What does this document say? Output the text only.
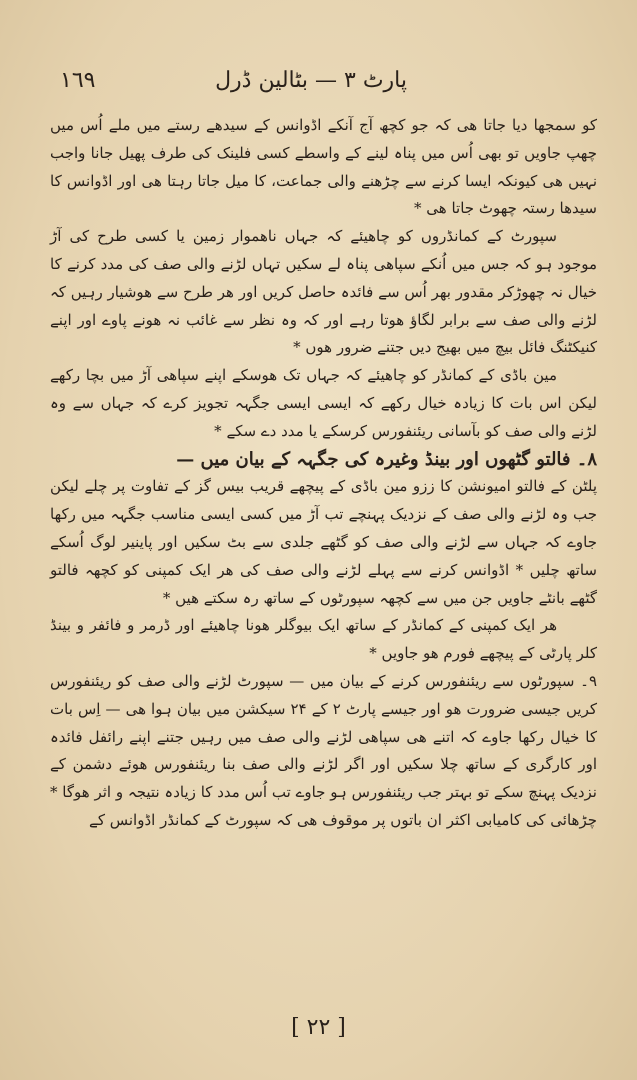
١٦٩	پارٹ ۳ — بٹالین ڈرل

کو سمجھا دیا جاتا ھی کہ جو کچھ آج آنکے اڈوانس کے سیدھے رستے میں ملے اُس میں چھپ جاویں تو بھی اُس میں پناہ لینے کے واسطے کسی فلینک کی طرف پھیل جانا واجب نہیں ھی کیونکہ ایسا کرنے سے چڑھنے والی جماعت، کا میل جاتا رہتا ھی اور اڈوانس کا سیدھا رستہ چھوٹ جاتا ھی *

سپورٹ کے کمانڈروں کو چاھیئے کہ جہاں ناھموار زمین یا کسی طرح کی آڑ موجود ہو کہ جس میں اُنکے سپاھی پناہ لے سکیں تہاں لڑنے والی صف کی مدد کرنے کا خیال نہ چھوڑکر مقدور بھر اُس سے فائدہ حاصل کریں اور ھر طرح سے ھوشیار رہیں کہ لڑنے والی صف سے برابر لگاؤ ھوتا رہے اور کہ وہ نظر سے غائب نہ ھونے پاوے اور اپنے کنیکٹنگ فائل بیچ میں بھیج دیں جتنے ضرور ھوں *

مین باڈی کے کمانڈر کو چاھیئے کہ جہاں تک ھوسکے اپنے سپاھی آڑ میں بچا رکھے لیکن اس بات کا زیادہ خیال رکھے کہ ایسی ایسی جگہہ تجویز کرے کہ جہاں سے وہ لڑنے والی صف کو بآسانی ریئنفورس کرسکے یا مدد دے سکے *

۸۔ فالتو گٹھوں اور بینڈ وغیرہ کی جگہہ کے بیان میں —

پلٹن کے فالتو امیونشن کا ززو مین باڈی کے پیچھے قریب بیس گز کے تفاوت پر چلے لیکن جب وہ لڑنے والی صف کے نزدیک پہنچے تب آڑ میں کسی ایسی مناسب جگہہ میں رکھا جاوے کہ جہاں سے لڑنے والی صف کو گٹھے جلدی سے بٹ سکیں اور پاینیر لوگ اُسکے ساتھ چلیں * اڈوانس کرنے سے پہلے لڑنے والی صف کی ھر ایک کمپنی کو کچھہ فالتو گٹھے بانٹے جاویں جن میں سے کچھہ سپورٹوں کے ساتھ رہ سکتے ھیں *

ھر ایک کمپنی کے کمانڈر کے ساتھ ایک بیوگلر ھونا چاھیئے اور ڈرمر و فائفر و بینڈ کلر پارٹی کے پیچھے فورم ھو جاویں *

۹۔ سپورٹوں سے ریئنفورس کرنے کے بیان میں — سپورٹ لڑنے والی صف کو ریئنفورس کریں جیسی ضرورت ھو اور جیسے پارٹ ۲ کے ۲۴ سیکشن میں بیان ہوا ھی — اِس بات کا خیال رکھا جاوے کہ اتنے ھی سپاھی لڑنے والی صف میں رہیں جتنے اپنے رائفل فائدہ اور کارگری کے ساتھ چلا سکیں اور اگر لڑنے والی صف بنا ریئنفورس ھوئے دشمن کے نزدیک پہنچ سکے تو بہتر جب ریئنفورس ہو جاوے تب اُس مدد کا زیادہ نتیجہ و اثر ھوگا * چڑھائی کی کامیابی اکثر ان باتوں پر موقوف ھی کہ سپورٹ کے کمانڈر اڈوانس کے

[ ۲۲ ]
